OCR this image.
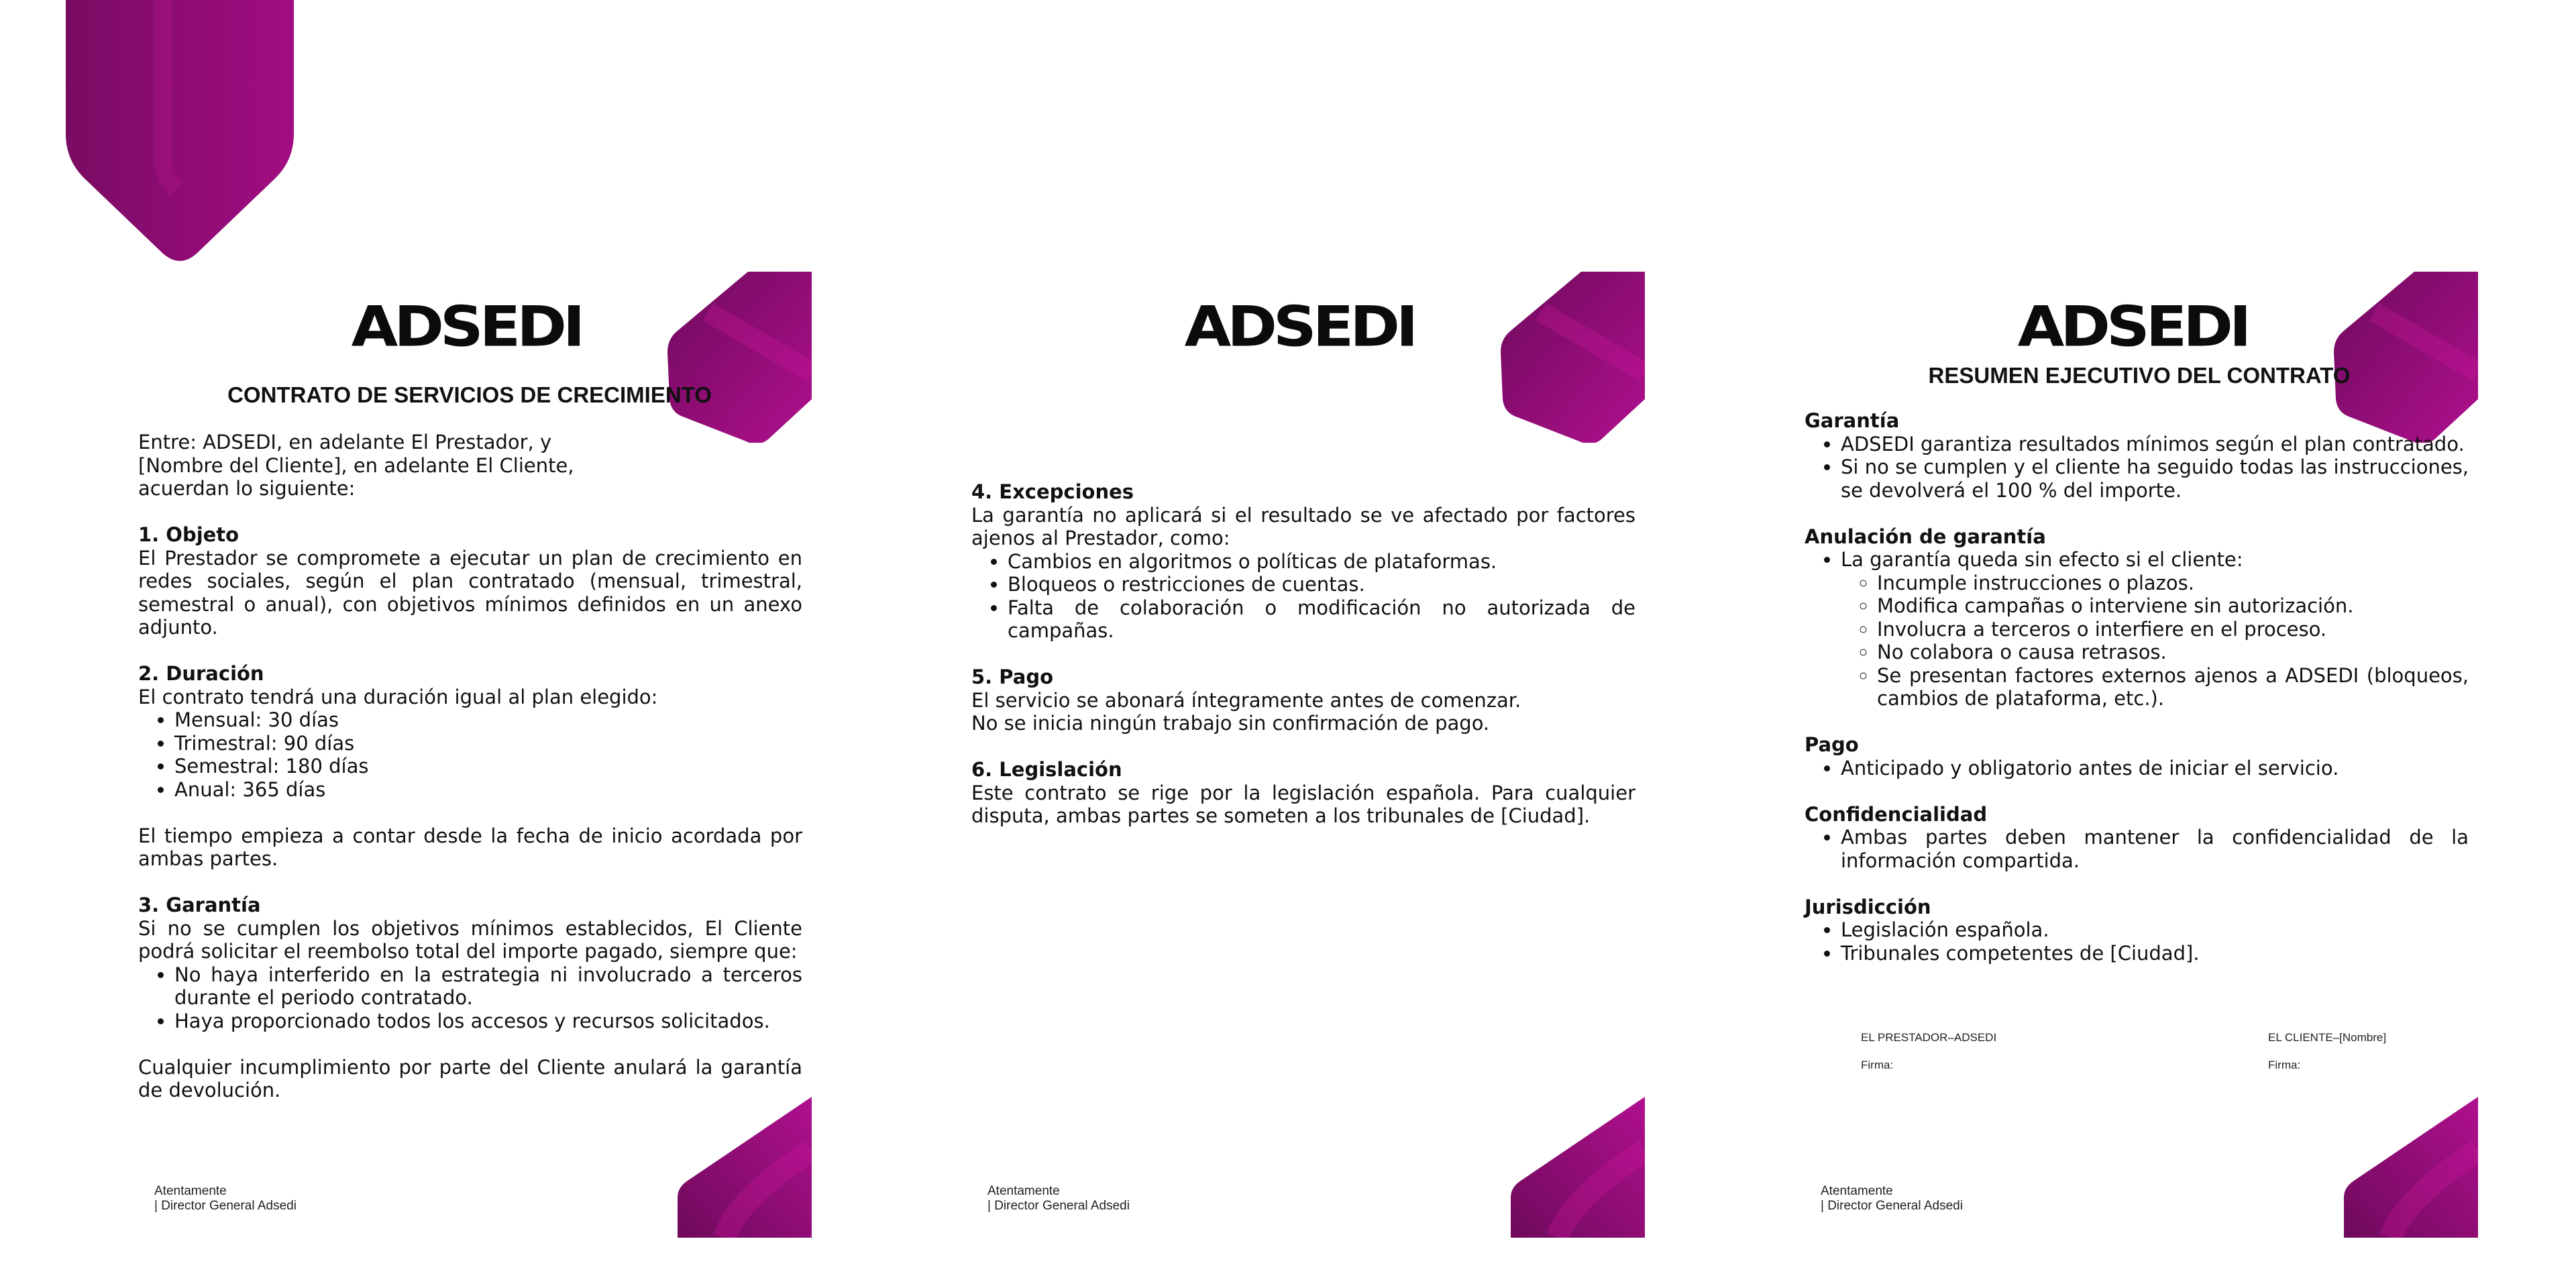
ADSEDI
CONTRATO DE SERVICIOS DE CRECIMIENTO

Entre: ADSEDI, en adelante El Prestador, y

[Nombre del Cliente], en adelante El Cliente,

acuerdan lo siguiente:

1. Objeto

El Prestador se compromete a ejecutar un plan de crecimiento en redes sociales, según el plan contratado (mensual, trimestral, semestral o anual), con objetivos mínimos definidos en un anexo adjunto.

2. Duración

El contrato tendrá una duración igual al plan elegido:

• Mensual: 30 días
• Trimestral: 90 días
• Semestral: 180 días
• Anual: 365 días

El tiempo empieza a contar desde la fecha de inicio acordada por ambas partes.

3. Garantía

Si no se cumplen los objetivos mínimos establecidos, El Cliente podrá solicitar el reembolso total del importe pagado, siempre que:

• No haya interferido en la estrategia ni involucrado a terceros durante el periodo contratado.
• Haya proporcionado todos los accesos y recursos solicitados.

Cualquier incumplimiento por parte del Cliente anulará la garantía de devolución.

Atentamente
| Director General Adsedi
ADSEDI

4. Excepciones

La garantía no aplicará si el resultado se ve afectado por factores ajenos al Prestador, como:

• Cambios en algoritmos o políticas de plataformas.
• Bloqueos o restricciones de cuentas.
• Falta de colaboración o modificación no autorizada de campañas.

5. Pago

El servicio se abonará íntegramente antes de comenzar.

No se inicia ningún trabajo sin confirmación de pago.

6. Legislación

Este contrato se rige por la legislación española. Para cualquier disputa, ambas partes se someten a los tribunales de [Ciudad].

Atentamente
| Director General Adsedi
ADSEDI
RESUMEN EJECUTIVO DEL CONTRATO

Garantía

• ADSEDI garantiza resultados mínimos según el plan contratado.
• Si no se cumplen y el cliente ha seguido todas las instrucciones, se devolverá el 100 % del importe.

Anulación de garantía

• La garantía queda sin efecto si el cliente:
◦ Incumple instrucciones o plazos.
◦ Modifica campañas o interviene sin autorización.
◦ Involucra a terceros o interfiere en el proceso.
◦ No colabora o causa retrasos.
◦ Se presentan factores externos ajenos a ADSEDI (bloqueos, cambios de plataforma, etc.).

Pago

• Anticipado y obligatorio antes de iniciar el servicio.

Confidencialidad

• Ambas partes deben mantener la confidencialidad de la información compartida.

Jurisdicción

• Legislación española.
• Tribunales competentes de [Ciudad].
EL PRESTADOR–ADSEDI
Firma:
EL CLIENTE–[Nombre]
Firma:
Atentamente
| Director General Adsedi
